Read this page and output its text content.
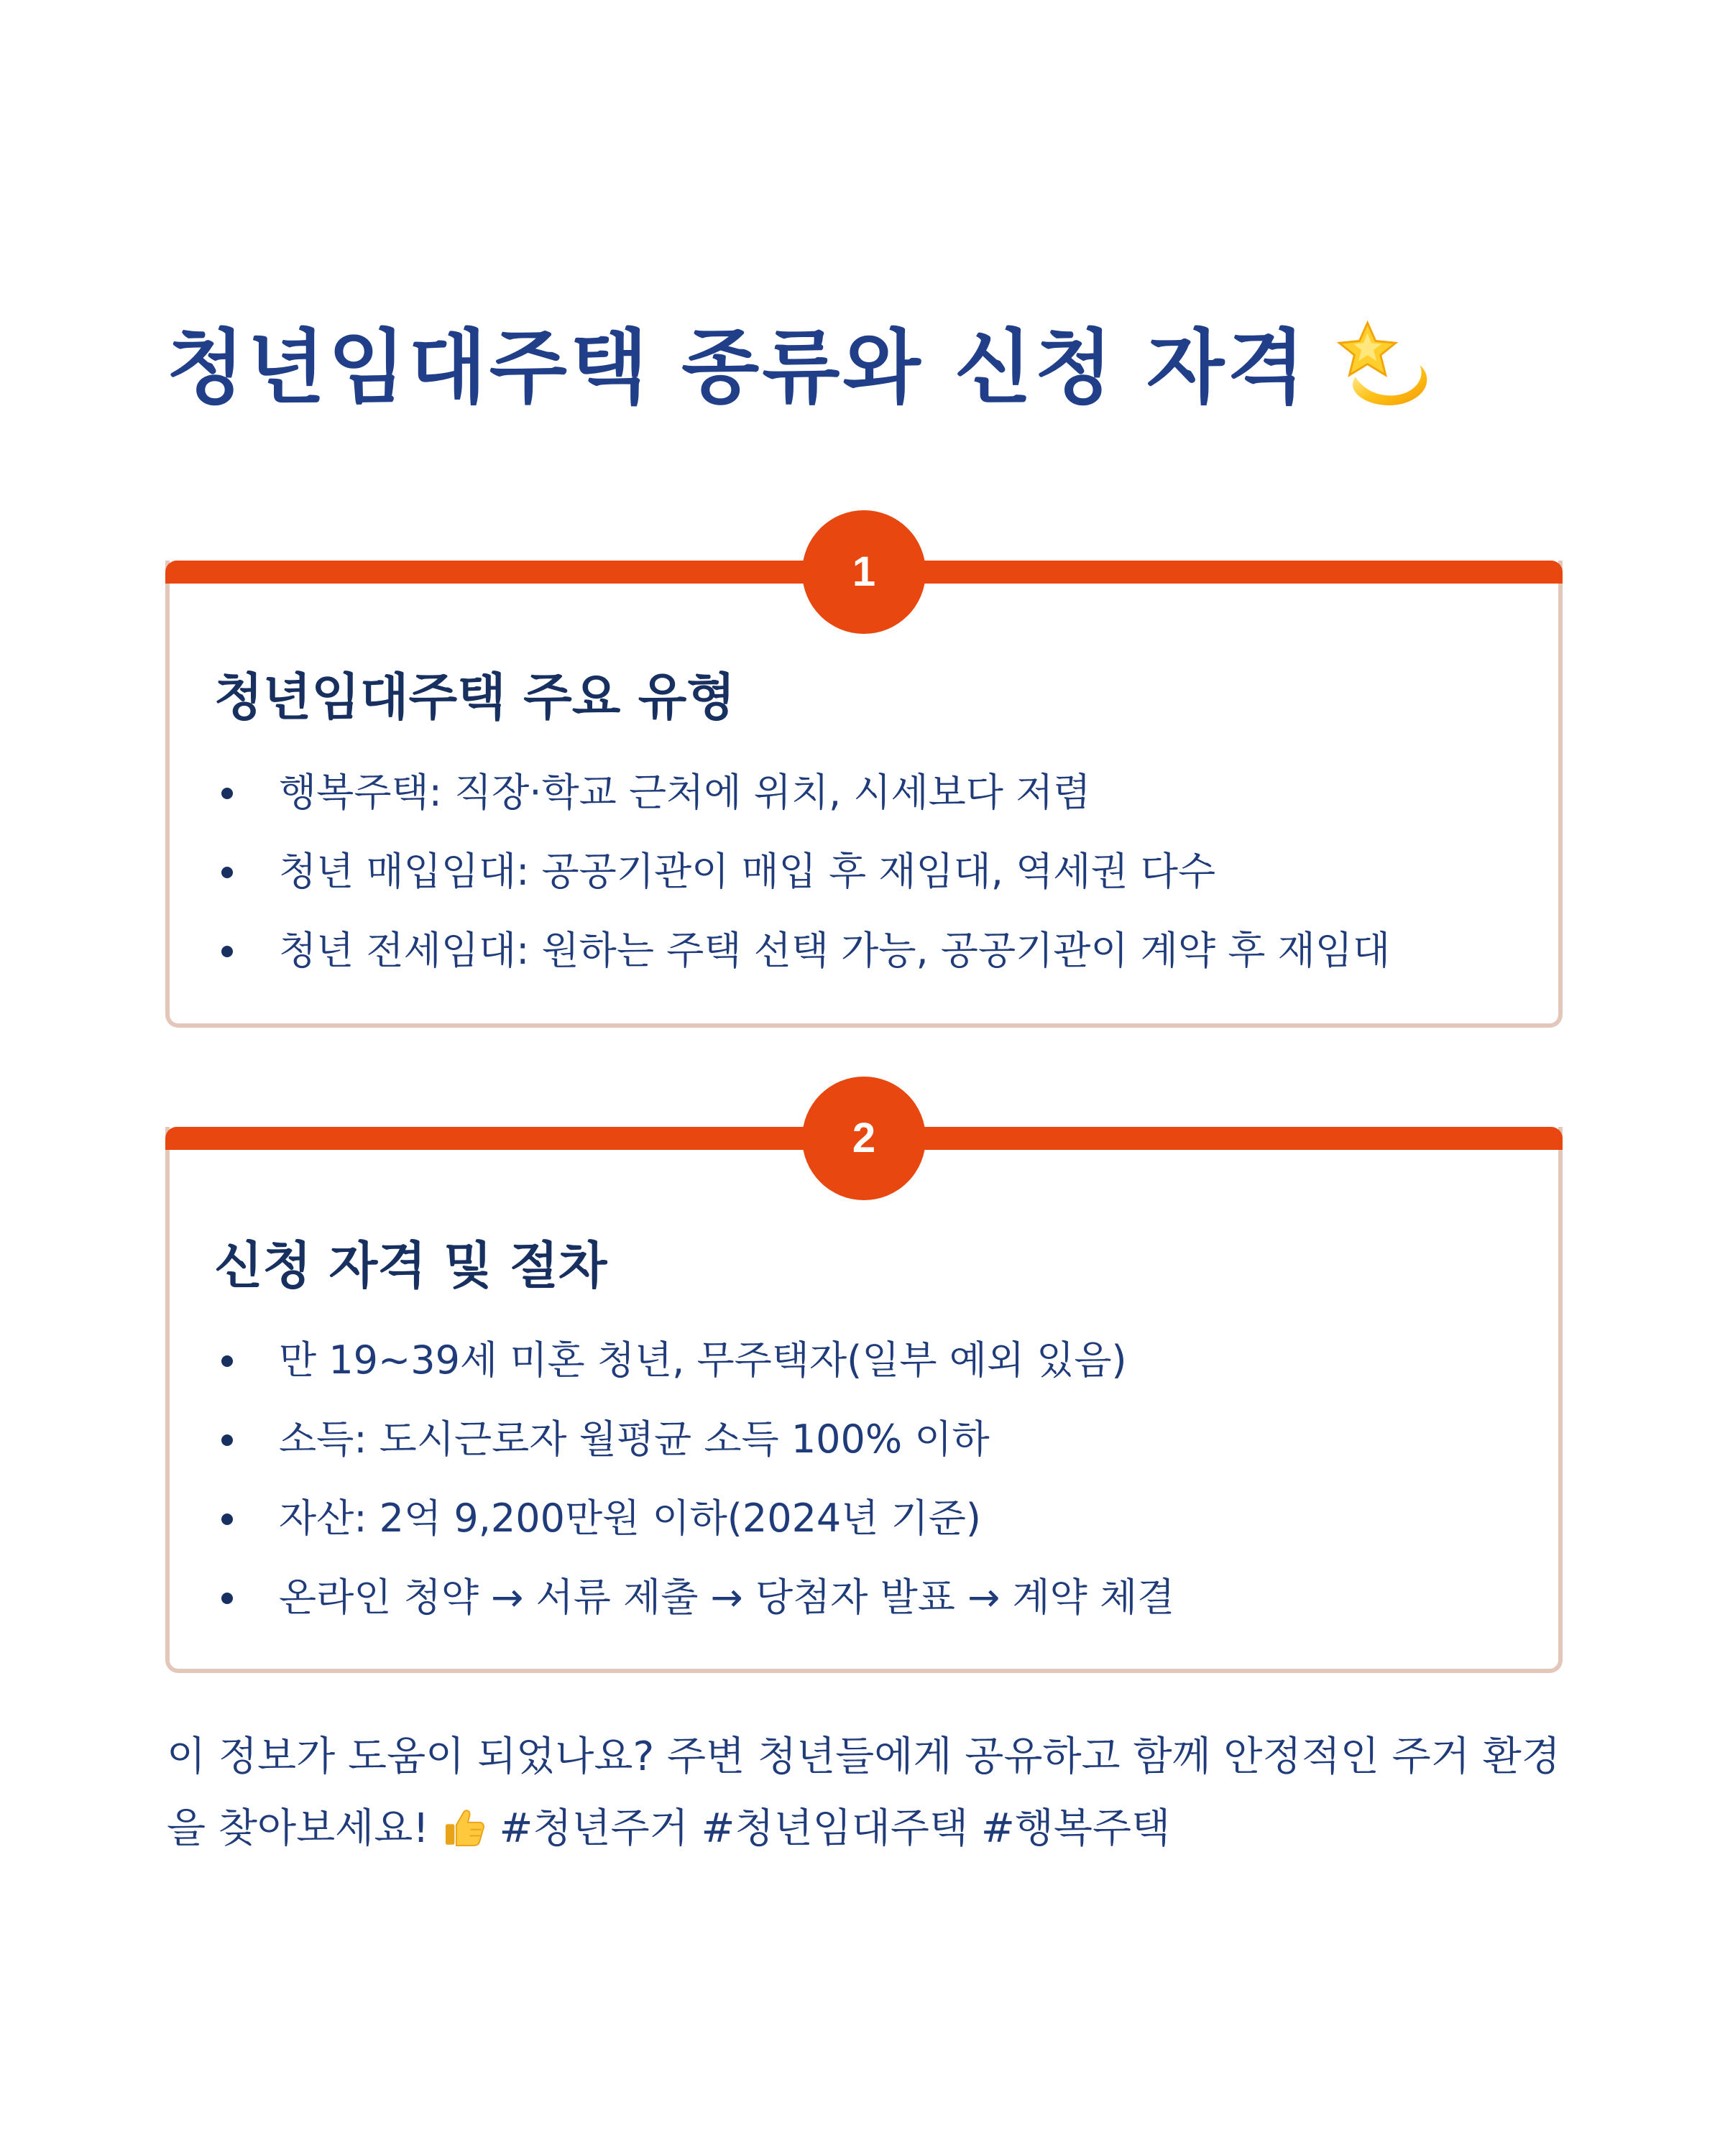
청년임대주택 종류와 신청 자격
1
청년임대주택 주요 유형
행복주택: 직장·학교 근처에 위치, 시세보다 저렴
청년 매입임대: 공공기관이 매입 후 재임대, 역세권 다수
청년 전세임대: 원하는 주택 선택 가능, 공공기관이 계약 후 재임대
2
신청 자격 및 절차
만 19~39세 미혼 청년, 무주택자(일부 예외 있음)
소득: 도시근로자 월평균 소득 100% 이하
자산: 2억 9,200만원 이하(2024년 기준)
온라인 청약 → 서류 제출 → 당첨자 발표 → 계약 체결
이 정보가 도움이 되었나요? 주변 청년들에게 공유하고 함께 안정적인 주거 환경을 찾아보세요! #청년주거 #청년임대주택 #행복주택
